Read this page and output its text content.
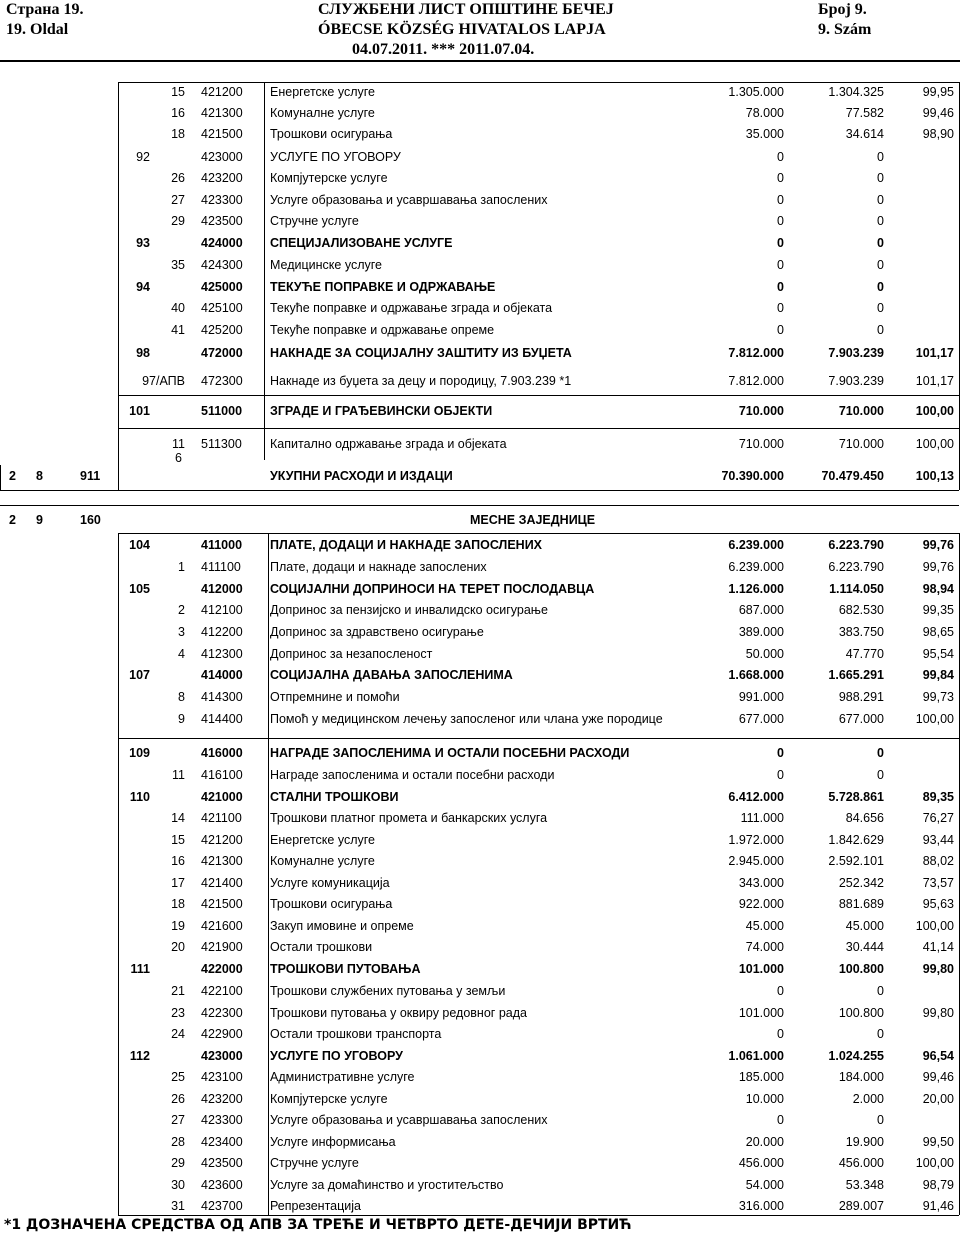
Страна 19.
19. Oldal
СЛУЖБЕНИ ЛИСТ ОПШТИНЕ БЕЧЕЈ
ÓBECSE KÖZSÉG HIVATALOS LAPJA
04.07.2011. *** 2011.07.04.
Број 9.
9. Szám
15 421200 Енергетске услуге	1.305.000	1.304.325	99,95
16 421300 Комуналне услуге	78.000	77.582	99,46
18 421500 Трошкови осигурања	35.000	34.614	98,90
92	423000 УСЛУГЕ ПО УГОВОРУ	0	0
26 423200 Компјутерске услуге	0	0
27 423300 Услуге образовања и усавршавања запослених	0	0
29 423500 Стручне услуге	0	0
93	424000 СПЕЦИЈАЛИЗОВАНЕ УСЛУГЕ	0	0
35 424300 Медицинске услуге	0	0
94	425000 ТЕКУЋЕ ПОПРАВКЕ И ОДРЖАВАЊЕ	0	0
40 425100 Текуће поправке и одржавање зграда и објеката	0	0
41 425200 Текуће поправке и одржавање опреме	0	0
98	472000 НАКНАДЕ ЗА СОЦИЈАЛНУ ЗАШТИТУ ИЗ БУЏЕТА	7.812.000	7.903.239	101,17
97/АПВ 472300 Накнаде из буџета за децу и породицу, 7.903.239 *1	7.812.000	7.903.239	101,17
101	511000 ЗГРАДЕ И ГРАЂЕВИНСКИ ОБЈЕКТИ	710.000	710.000	100,00
11 511300 Капитално одржавање зграда и објеката	710.000	710.000	100,00
6
2 8	911	УКУПНИ РАСХОДИ И ИЗДАЦИ	70.390.000	70.479.450	100,13
2 9	160	МЕСНЕ ЗАЈЕДНИЦЕ
104	411000 ПЛАТЕ, ДОДАЦИ И НАКНАДЕ ЗАПОСЛЕНИХ	6.239.000	6.223.790	99,76
1 411100 Плате, додаци и накнаде запослених	6.239.000	6.223.790	99,76
105	412000 СОЦИЈАЛНИ ДОПРИНОСИ НА ТЕРЕТ ПОСЛОДАВЦА	1.126.000	1.114.050	98,94
2 412100 Допринос за пензијско и инвалидско осигурање	687.000	682.530	99,35
3 412200 Допринос за здравствено осигурање	389.000	383.750	98,65
4 412300 Допринос за незапосленост	50.000	47.770	95,54
107	414000 СОЦИЈАЛНА ДАВАЊА ЗАПОСЛЕНИМА	1.668.000	1.665.291	99,84
8 414300 Отпремнине и помоћи	991.000	988.291	99,73
9 414400 Помоћ у медицинском лечењу запосленог или члана уже породице	677.000	677.000	100,00
109	416000 НАГРАДЕ ЗАПОСЛЕНИМА И ОСТАЛИ ПОСЕБНИ РАСХОДИ	0	0
11 416100 Награде запосленима и остали посебни расходи	0	0
110	421000 СТАЛНИ ТРОШКОВИ	6.412.000	5.728.861	89,35
14 421100 Трошкови платног промета и банкарских услуга	111.000	84.656	76,27
15 421200 Енергетске услуге	1.972.000	1.842.629	93,44
16 421300 Комуналне услуге	2.945.000	2.592.101	88,02
17 421400 Услуге комуникација	343.000	252.342	73,57
18 421500 Трошкови осигурања	922.000	881.689	95,63
19 421600 Закуп имовине и опреме	45.000	45.000	100,00
20 421900 Остали трошкови	74.000	30.444	41,14
111	422000 ТРОШКОВИ ПУТОВАЊА	101.000	100.800	99,80
21 422100 Трошкови службених путовања у земљи	0	0
23 422300 Трошкови путовања у оквиру редовног рада	101.000	100.800	99,80
24 422900 Остали трошкови транспорта	0	0
112	423000 УСЛУГЕ ПО УГОВОРУ	1.061.000	1.024.255	96,54
25 423100 Административне услуге	185.000	184.000	99,46
26 423200 Компјутерске услуге	10.000	2.000	20,00
27 423300 Услуге образовања и усавршавања запослених	0	0
28 423400 Услуге информисања	20.000	19.900	99,50
29 423500 Стручне услуге	456.000	456.000	100,00
30 423600 Услуге за домаћинство и угоститељство	54.000	53.348	98,79
31 423700 Репрезентација	316.000	289.007	91,46
*1 ДОЗНАЧЕНА СРЕДСТВА ОД АПВ ЗА ТРЕЋЕ И ЧЕТВРТО ДЕТЕ-ДЕЧИЈИ ВРТИЋ
